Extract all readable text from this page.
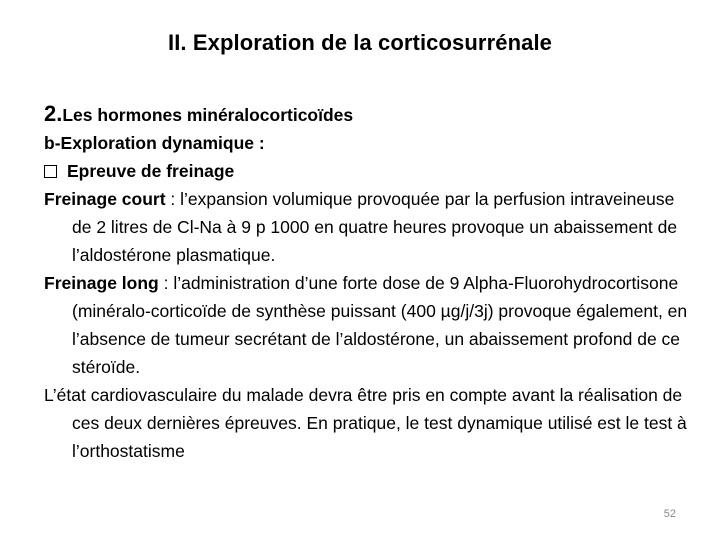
II. Exploration de la corticosurrénale

2.Les hormones minéralocorticoïdes

b-Exploration dynamique :

Epreuve de freinage

Freinage court : l’expansion volumique provoquée par la perfusion intraveineuse de 2 litres de Cl-Na à 9 p 1000 en quatre heures provoque un abaissement de l’aldostérone plasmatique.

Freinage long : l’administration d’une forte dose de 9 Alpha-Fluorohydrocortisone (minéralo-corticoïde de synthèse puissant (400 µg/j/3j) provoque également, en l’absence de tumeur secrétant de l’aldostérone, un abaissement profond de ce stéroïde.

L’état cardiovasculaire du malade devra être pris en compte avant la réalisation de ces deux dernières épreuves. En pratique, le test dynamique utilisé est le test à l’orthostatisme

52
